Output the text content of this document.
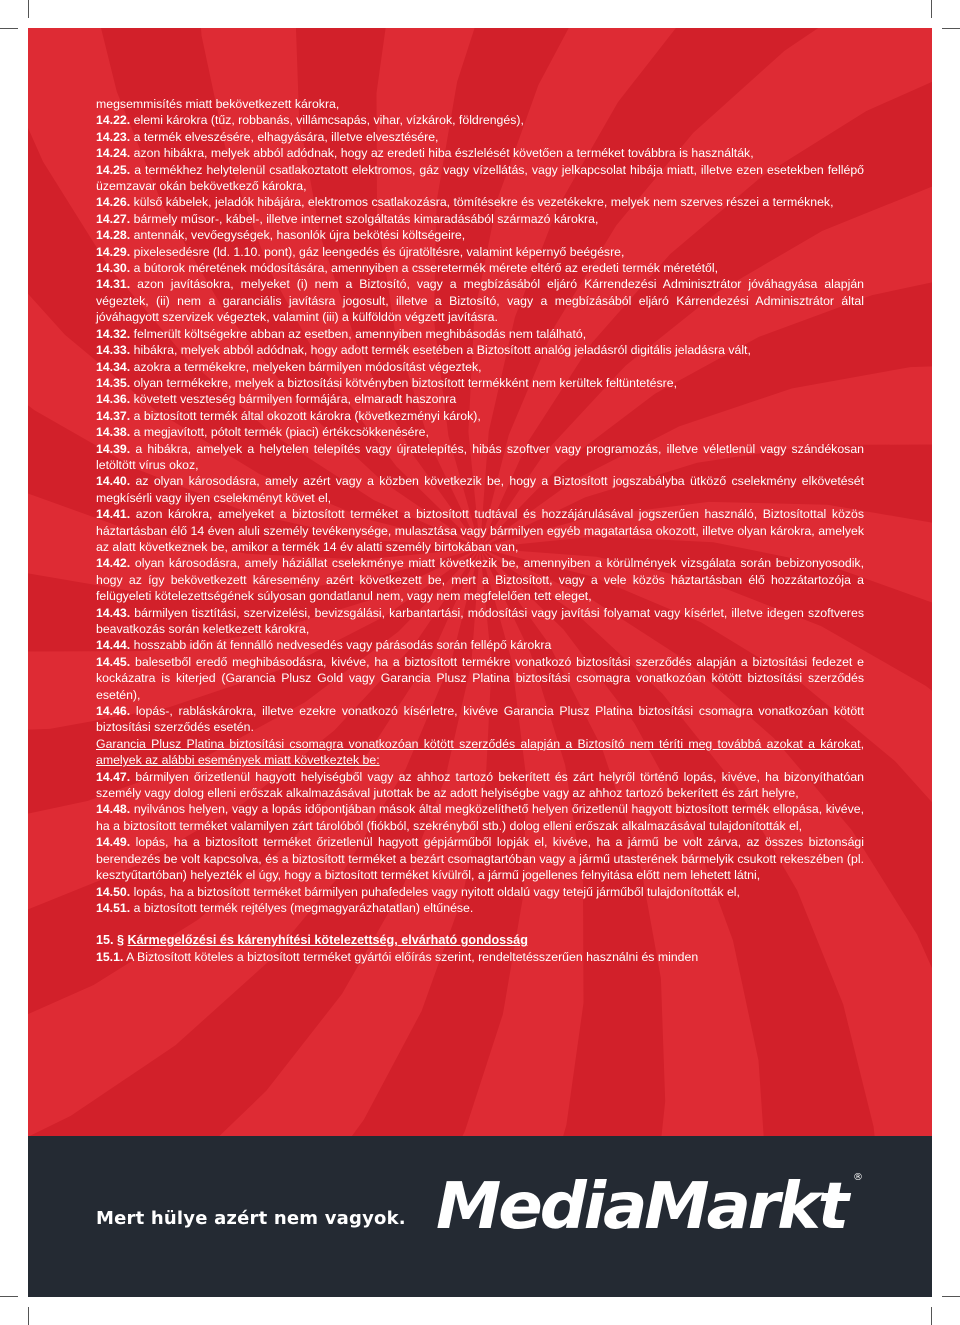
megsemmisítés miatt bekövetkezett károkra,

14.22. elemi károkra (tűz, robbanás, villámcsapás, vihar, vízkárok, földrengés),

14.23. a termék elveszésére, elhagyására, illetve elvesztésére,

14.24. azon hibákra, melyek abból adódnak, hogy az eredeti hiba észlelését követően a terméket továbbra is használták,

14.25. a termékhez helytelenül csatlakoztatott elektromos, gáz vagy vízellátás, vagy jelkapcsolat hibája miatt, illetve ezen esetekben fellépő üzemzavar okán bekövetkező károkra,

14.26. külső kábelek, jeladók hibájára, elektromos csatlakozásra, tömítésekre és vezetékekre, melyek nem szerves részei a terméknek,

14.27. bármely műsor-, kábel-, illetve internet szolgáltatás kimaradásából származó károkra,

14.28. antennák, vevőegységek, hasonlók újra bekötési költségeire,

14.29. pixelesedésre (ld. 1.10. pont), gáz leengedés és újratöltésre, valamint képernyő beégésre,

14.30. a bútorok méretének módosítására, amennyiben a csseretermék mérete eltérő az eredeti termék méretétől,

14.31. azon javításokra, melyeket (i) nem a Biztosító, vagy a megbízásából eljáró Kárrendezési Adminisztrátor jóváhagyása alapján végeztek, (ii) nem a garanciális javításra jogosult, illetve a Biztosító, vagy a megbízásából eljáró Kárrendezési Adminisztrátor által jóváhagyott szervizek végeztek, valamint (iii) a külföldön végzett javításra.

14.32. felmerült költségekre abban az esetben, amennyiben meghibásodás nem található,

14.33. hibákra, melyek abból adódnak, hogy adott termék esetében a Biztosított analóg jeladásról digitális jeladásra vált,

14.34. azokra a termékekre, melyeken bármilyen módosítást végeztek,

14.35. olyan termékekre, melyek a biztosítási kötvényben biztosított termékként nem kerültek feltüntetésre,

14.36. követett veszteség bármilyen formájára, elmaradt haszonra

14.37. a biztosított termék által okozott károkra (következményi károk),

14.38. a megjavított, pótolt termék (piaci) értékcsökkenésére,

14.39. a hibákra, amelyek a helytelen telepítés vagy újratelepítés, hibás szoftver vagy programozás, illetve véletlenül vagy szándékosan letöltött vírus okoz,

14.40. az olyan károsodásra, amely azért vagy a közben következik be, hogy a Biztosított jogszabályba ütköző cselekmény elkövetését megkísérli vagy ilyen cselekményt követ el,

14.41. azon károkra, amelyeket a biztosított terméket a biztosított tudtával és hozzájárulásával jogszerűen használó, Biztosítottal közös háztartásban élő 14 éven aluli személy tevékenysége, mulasztása vagy bármilyen egyéb magatartása okozott, illetve olyan károkra, amelyek az alatt következnek be, amikor a termék 14 év alatti személy birtokában van,

14.42. olyan károsodásra, amely háziállat cselekménye miatt következik be, amennyiben a körülmények vizsgálata során bebizonyosodik, hogy az így bekövetkezett káresemény azért következett be, mert a Biztosított, vagy a vele közös háztartásban élő hozzátartozója a felügyeleti kötelezettségének súlyosan gondatlanul nem, vagy nem megfelelően tett eleget,

14.43. bármilyen tisztítási, szervizelési, bevizsgálási, karbantartási, módosítási vagy javítási folyamat vagy kísérlet, illetve idegen szoftveres beavatkozás során keletkezett károkra,

14.44. hosszabb időn át fennálló nedvesedés vagy párásodás során fellépő károkra

14.45. balesetből eredő meghibásodásra, kivéve, ha a biztosított termékre vonatkozó biztosítási szerződés alapján a biztosítási fedezet e kockázatra is kiterjed (Garancia Plusz Gold vagy Garancia Plusz Platina biztosítási csomagra vonatkozóan kötött biztosítási szerződés esetén),

14.46. lopás-, rabláskárokra, illetve ezekre vonatkozó kísérletre, kivéve Garancia Plusz Platina biztosítási csomagra vonatkozóan kötött biztosítási szerződés esetén.

Garancia Plusz Platina biztosítási csomagra vonatkozóan kötött szerződés alapján a Biztosító nem téríti meg továbbá azokat a károkat, amelyek az alábbi események miatt következtek be:

14.47. bármilyen őrizetlenül hagyott helyiségből vagy az ahhoz tartozó bekerített és zárt helyről történő lopás, kivéve, ha bizonyíthatóan személy vagy dolog elleni erőszak alkalmazásával jutottak be az adott helyiségbe vagy az ahhoz tartozó bekerített és zárt helyre,

14.48. nyilvános helyen, vagy a lopás időpontjában mások által megközelíthető helyen őrizetlenül hagyott biztosított termék ellopása, kivéve, ha a biztosított terméket valamilyen zárt tárolóból (fiókból, szekrényből stb.) dolog elleni erőszak alkalmazásával tulajdonították el,

14.49. lopás, ha a biztosított terméket őrizetlenül hagyott gépjárműből lopják el, kivéve, ha a jármű be volt zárva, az összes biztonsági berendezés be volt kapcsolva, és a biztosított terméket a bezárt csomagtartóban vagy a jármű utasterének bármelyik csukott rekeszében (pl. kesztyűtartóban) helyezték el úgy, hogy a biztosított terméket kívülről, a jármű jogellenes felnyitása előtt nem lehetett látni,

14.50. lopás, ha a biztosított terméket bármilyen puhafedeles vagy nyitott oldalú vagy tetejű járműből tulajdonították el,

14.51. a biztosított termék rejtélyes (megmagyarázhatatlan) eltűnése.

15. § Kármegelőzési és kárenyhítési kötelezettség, elvárható gondosság

15.1. A Biztosított köteles a biztosított terméket gyártói előírás szerint, rendeltetésszerűen használni és minden

Mert hülye azért nem vagyok. MediaMarkt ®
